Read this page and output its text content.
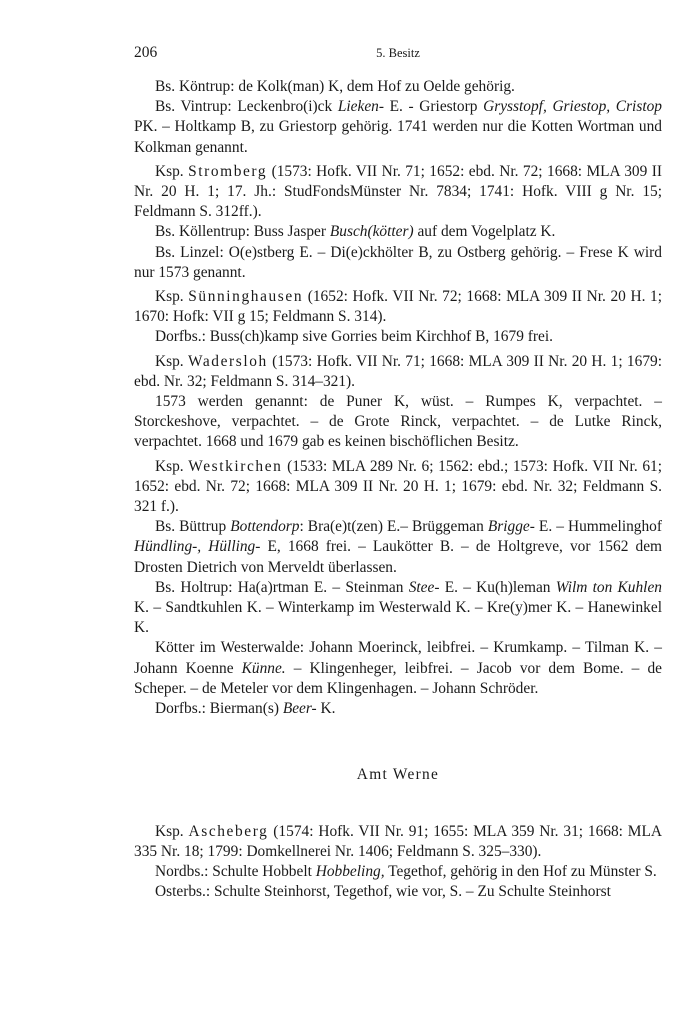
206	5. Besitz

Bs. Köntrup: de Kolk(man) K, dem Hof zu Oelde gehörig.

Bs. Vintrup: Leckenbro(i)ck Lieken- E. - Griestorp Grysstopf, Griestop, Cristop PK. – Holtkamp B, zu Griestorp gehörig. 1741 werden nur die Kotten Wortman und Kolkman genannt.

Ksp. Stromberg (1573: Hofk. VII Nr. 71; 1652: ebd. Nr. 72; 1668: MLA 309 II Nr. 20 H. 1; 17. Jh.: StudFondsMünster Nr. 7834; 1741: Hofk. VIII g Nr. 15; Feldmann S. 312ff.).

Bs. Köllentrup: Buss Jasper Busch(kötter) auf dem Vogelplatz K.

Bs. Linzel: O(e)stberg E. – Di(e)ckhölter B, zu Ostberg gehörig. – Frese K wird nur 1573 genannt.

Ksp. Sünninghausen (1652: Hofk. VII Nr. 72; 1668: MLA 309 II Nr. 20 H. 1; 1670: Hofk: VII g 15; Feldmann S. 314).

Dorfbs.: Buss(ch)kamp sive Gorries beim Kirchhof B, 1679 frei.

Ksp. Wadersloh (1573: Hofk. VII Nr. 71; 1668: MLA 309 II Nr. 20 H. 1; 1679: ebd. Nr. 32; Feldmann S. 314–321).

1573 werden genannt: de Puner K, wüst. – Rumpes K, verpachtet. – Storckeshove, verpachtet. – de Grote Rinck, verpachtet. – de Lutke Rinck, verpachtet. 1668 und 1679 gab es keinen bischöflichen Besitz.

Ksp. Westkirchen (1533: MLA 289 Nr. 6; 1562: ebd.; 1573: Hofk. VII Nr. 61; 1652: ebd. Nr. 72; 1668: MLA 309 II Nr. 20 H. 1; 1679: ebd. Nr. 32; Feldmann S. 321 f.).

Bs. Büttrup Bottendorp: Bra(e)t(zen) E.– Brüggeman Brigge- E. – Hummelinghof Hündling-, Hülling- E, 1668 frei. – Laukötter B. – de Holtgreve, vor 1562 dem Drosten Dietrich von Merveldt überlassen.

Bs. Holtrup: Ha(a)rtman E. – Steinman Stee- E. – Ku(h)leman Wilm ton Kuhlen K. – Sandtkuhlen K. – Winterkamp im Westerwald K. – Kre(y)mer K. – Hanewinkel K.

Kötter im Westerwalde: Johann Moerinck, leibfrei. – Krumkamp. – Tilman K. – Johann Koenne Künne. – Klingenheger, leibfrei. – Jacob vor dem Bome. – de Scheper. – de Meteler vor dem Klingenhagen. – Johann Schröder.

Dorfbs.: Bierman(s) Beer- K.

Amt Werne

Ksp. Ascheberg (1574: Hofk. VII Nr. 91; 1655: MLA 359 Nr. 31; 1668: MLA 335 Nr. 18; 1799: Domkellnerei Nr. 1406; Feldmann S. 325–330).

Nordbs.: Schulte Hobbelt Hobbeling, Tegethof, gehörig in den Hof zu Münster S.

Osterbs.: Schulte Steinhorst, Tegethof, wie vor, S. – Zu Schulte Steinhorst
